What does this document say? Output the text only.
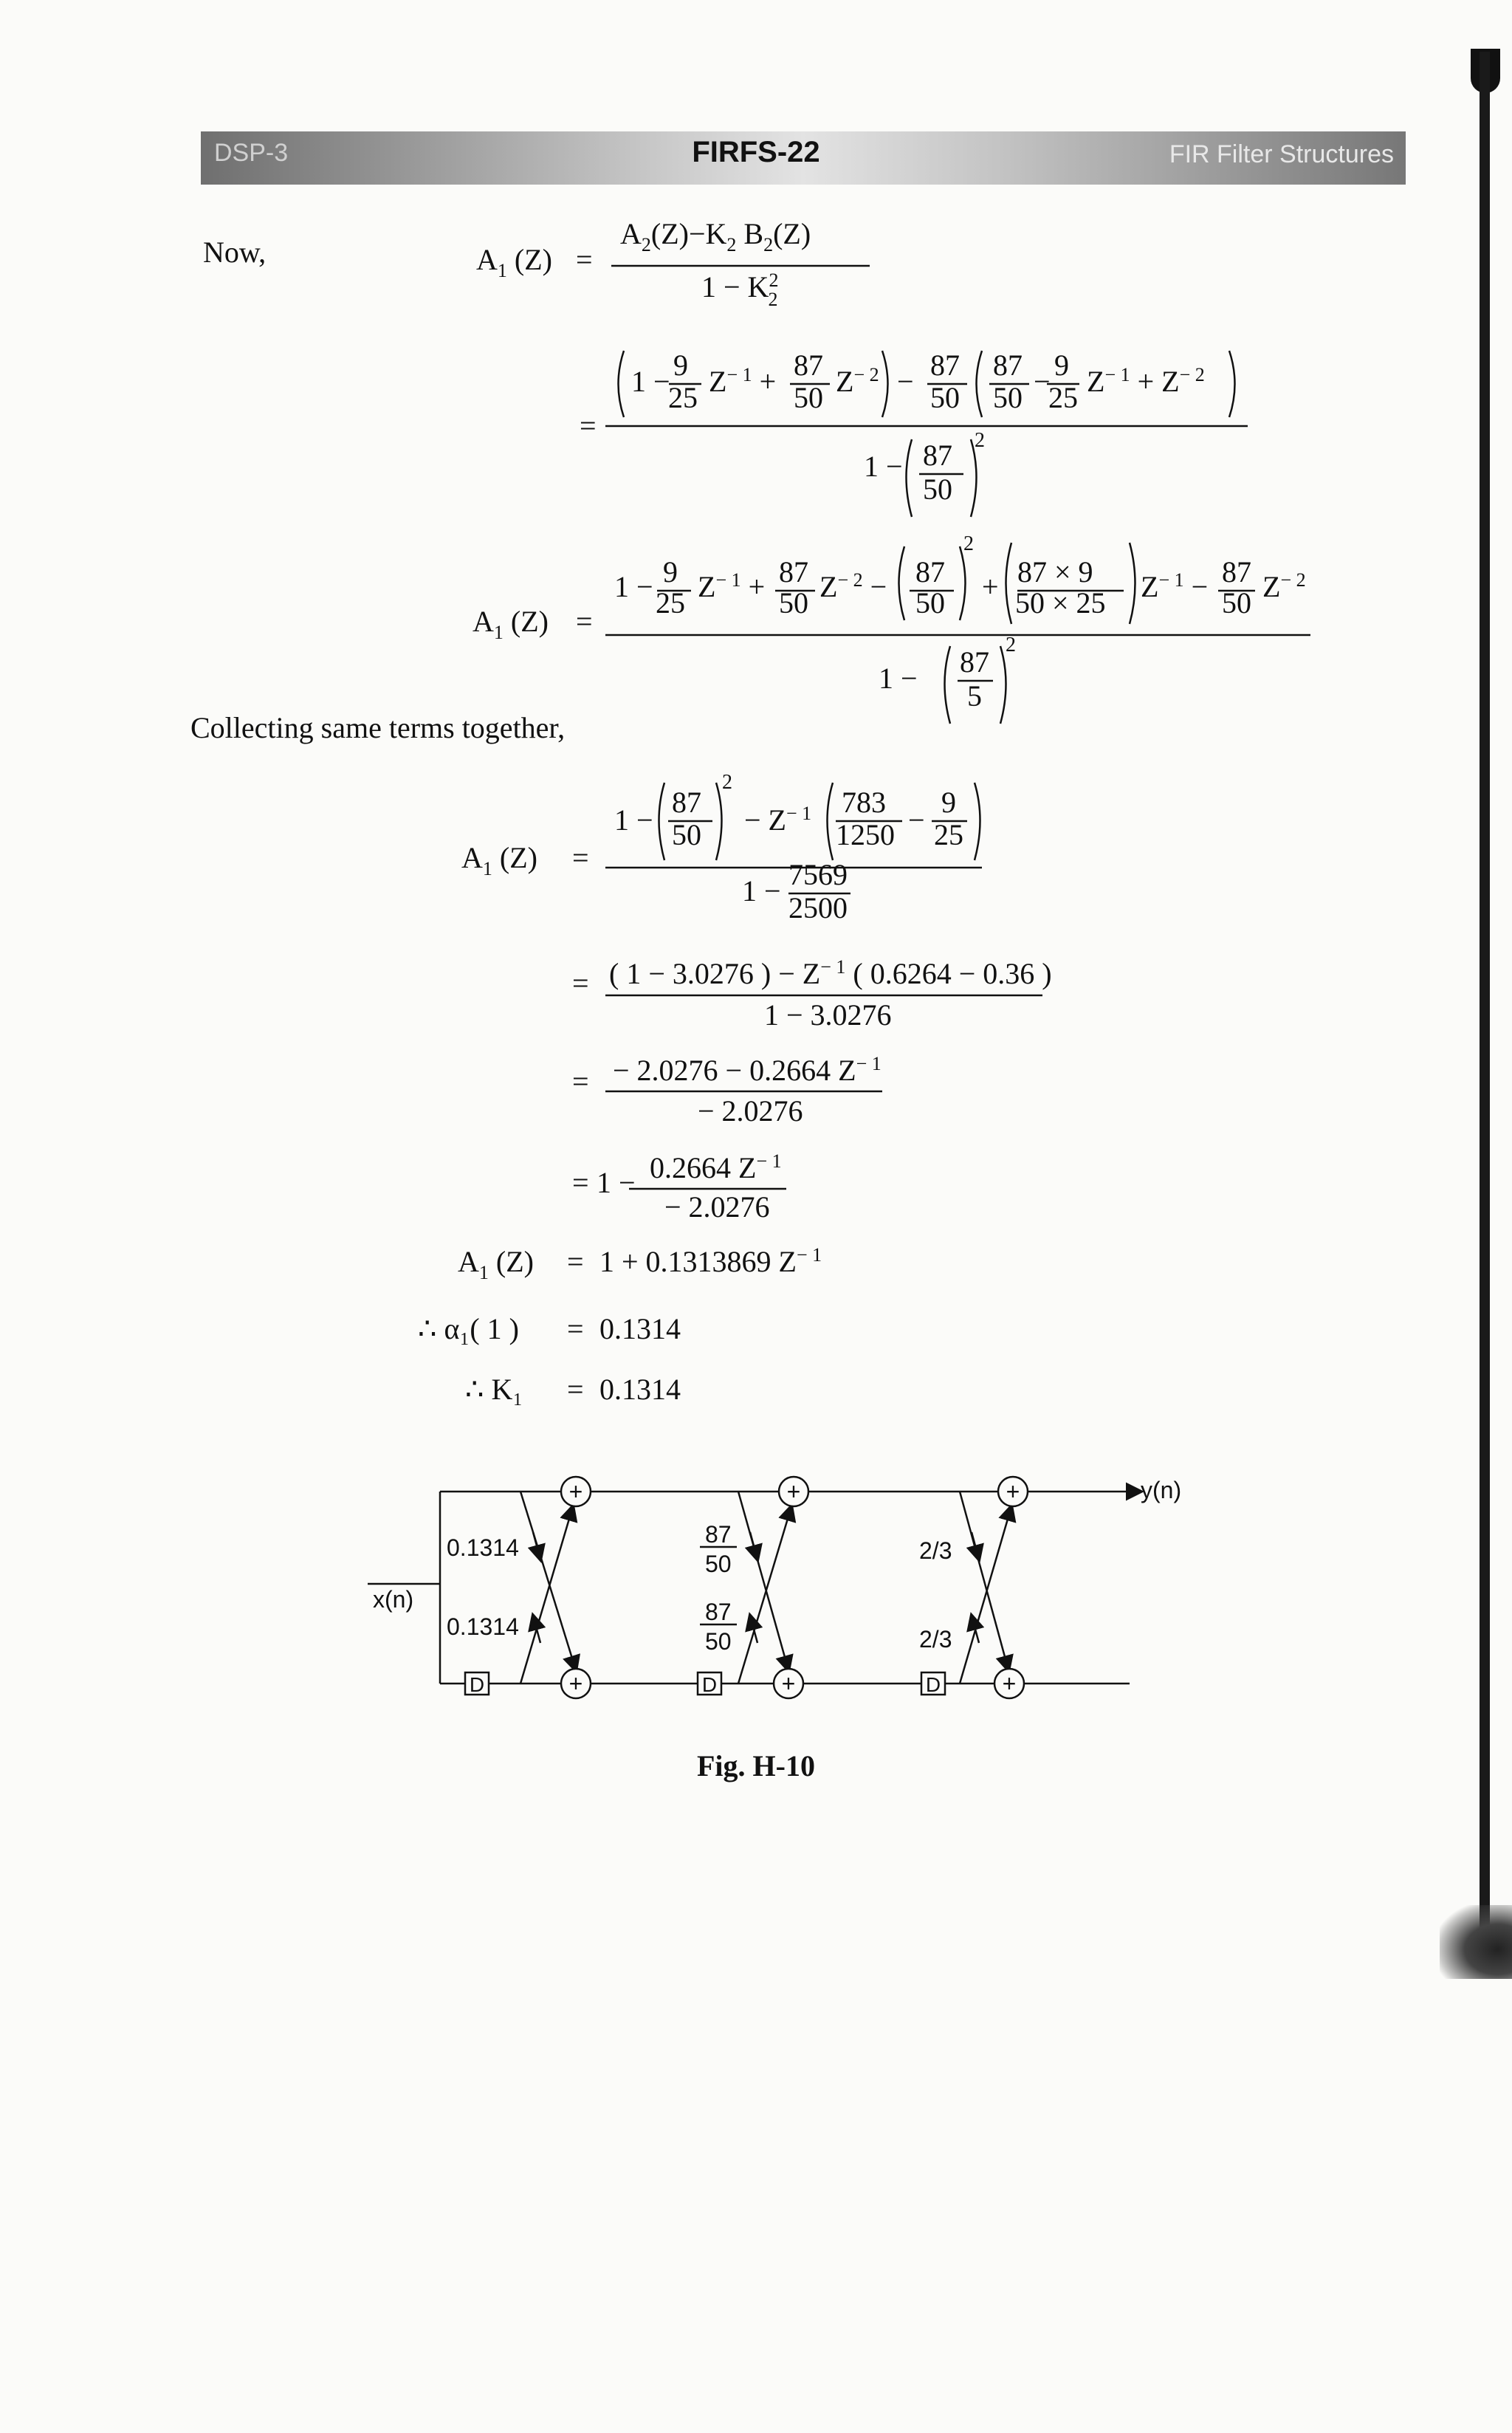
DSP-3	FIRFS-22	FIR Filter Structures
Now,
Collecting same terms together,
$A_1$ (Z) =
$A_2(Z)-K_2$ $B_2(Z)$
$1 - K^2$ 2
=
1 − 9
25 $Z^{- 1} + 87$
50 $Z^{- 2} - 87$
50
87
50 − 9
25 $Z^{- 1} + Z^{- 2}$
1 − 87
50
2
$A_1$ (Z) =
1 − 9
25 $Z^{- 1} + 87$
50 $Z^{- 2} - 87$
50
2
+ 87 × 9
50 × 25 $Z^{- 1} - 87$
50 $Z^{- 2}$
1 − 87
5
2
$A_1$ (Z) =
1 −
87
50
2
− $Z^{- 1}$ 783
1250 −
9
25
1 − 7569
2500
= ( 1 − 3.0276 ) − $Z^{- 1}$ ( 0.6264 − 0.36 )
1 − 3.0276
= − 2.0276 − 0.2664 $Z^{- 1}$
− 2.0276
= 1 − 0.2664 $Z^{- 1}$
− 2.0276
$A_1$ (Z) = 1 + 0.1313869 $Z^{- 1}$
∴ α₁( 1 ) = 0.1314
∴ K₁ = 0.1314
+	+	+
+	+	+
D	D	D
x(n)
y(n)
0.1314
0.1314
87
50
87
50
2/3
2/3
Fig. H-10
